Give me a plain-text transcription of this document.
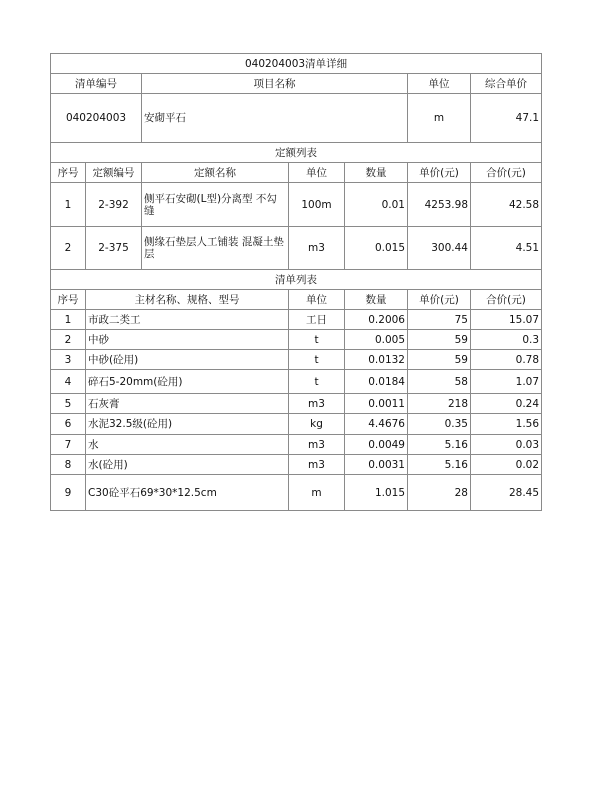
040204003清单详细						
清单编号		项目名称			单位	综合单价
040204003		安砌平石			m	47.1
定额列表						
序号	定额编号	定额名称	单位	数量	单价(元)	合价(元)
1	2-392	侧平石安砌(L型)分离型 不勾缝	100m	0.01	4253.98	42.58
2	2-375	侧缘石垫层人工铺装 混凝土垫层	m3	0.015	300.44	4.51
清单列表						
序号	主材名称、规格、型号		单位	数量	单价(元)	合价(元)
1	市政二类工		工日	0.2006	75	15.07
2	中砂		t	0.005	59	0.3
3	中砂(砼用)		t	0.0132	59	0.78
4	碎石5-20mm(砼用)		t	0.0184	58	1.07
5	石灰膏		m3	0.0011	218	0.24
6	水泥32.5级(砼用)		kg	4.4676	0.35	1.56
7	水		m3	0.0049	5.16	0.03
8	水(砼用)		m3	0.0031	5.16	0.02
9	C30砼平石69*30*12.5cm		m	1.015	28	28.45
